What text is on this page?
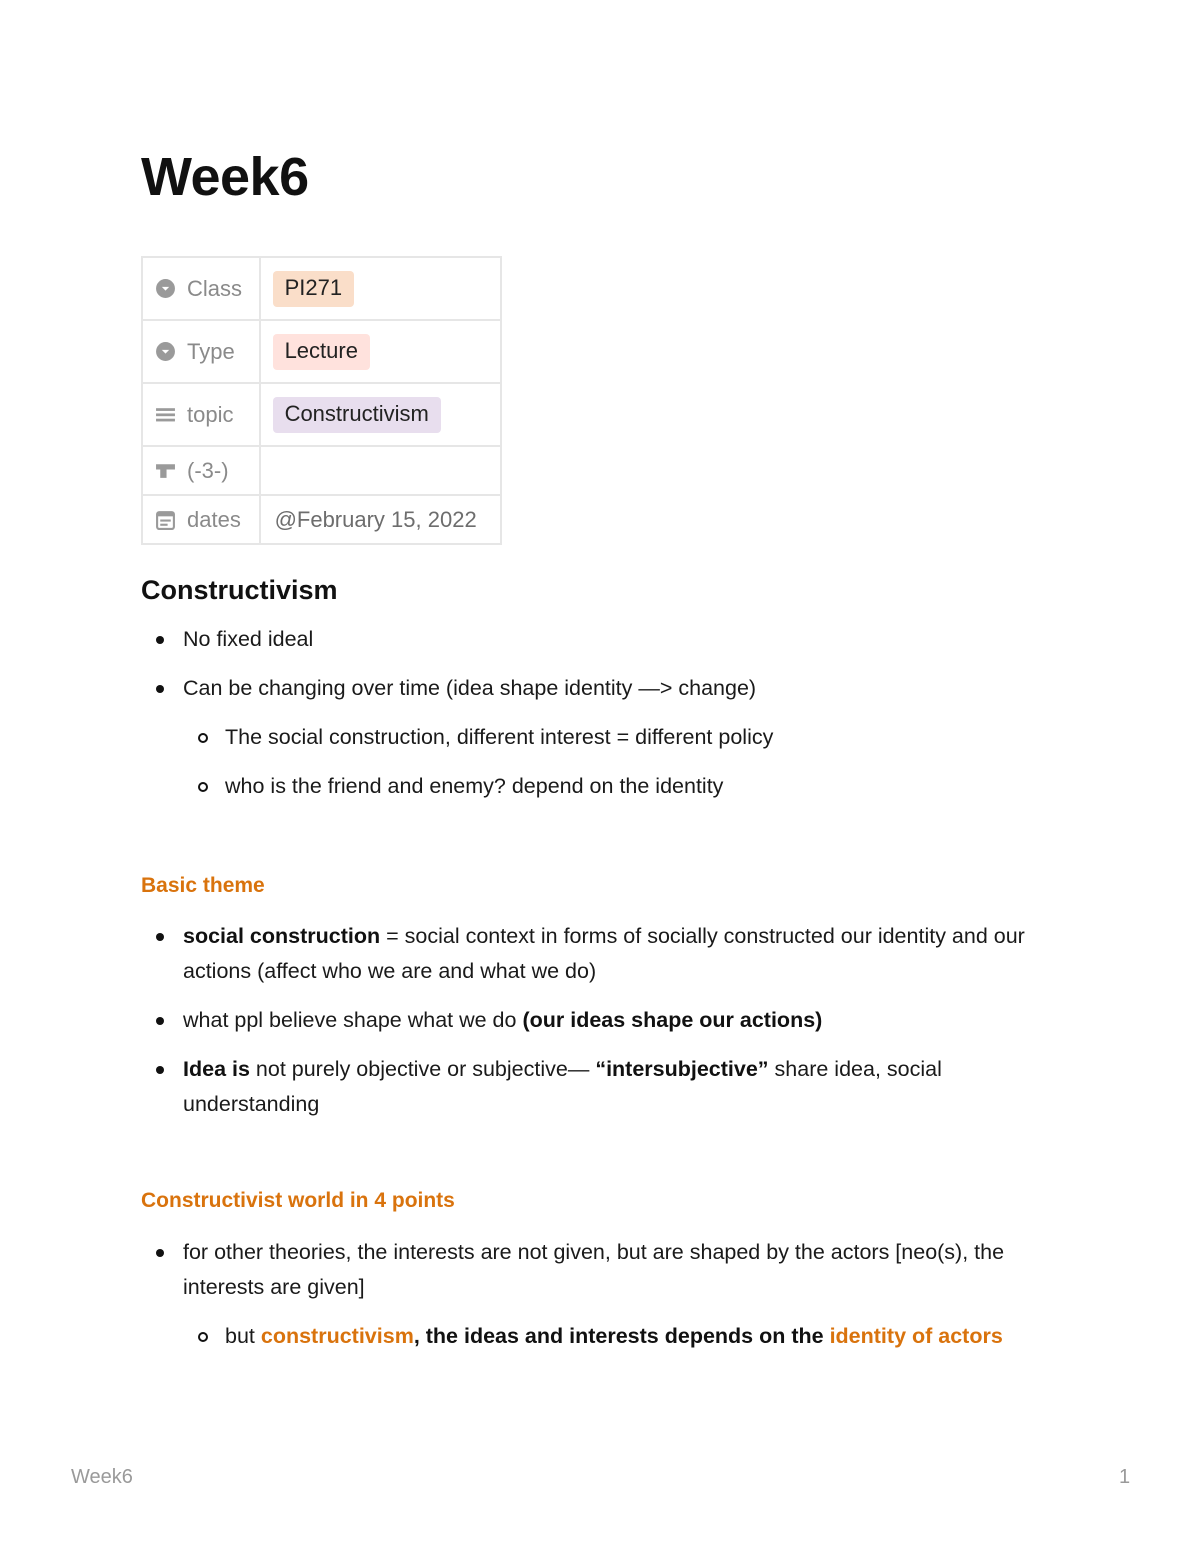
Week6
Class	PI271

Type	Lecture

topic	Constructivism

(-3-)	

dates	@February 15, 2022
Constructivism
No fixed ideal
Can be changing over time (idea shape identity —> change)
The social construction, different interest = different policy
who is the friend and enemy? depend on the identity
Basic theme
social construction = social context in forms of socially constructed our identity and our actions (affect who we are and what we do)
what ppl believe shape what we do (our ideas shape our actions)
Idea is not purely objective or subjective— “intersubjective” share idea, social understanding
Constructivist world in 4 points
for other theories, the interests are not given, but are shaped by the actors [neo(s), the interests are given]
but constructivism, the ideas and interests depends on the identity of actors
Week6	1
